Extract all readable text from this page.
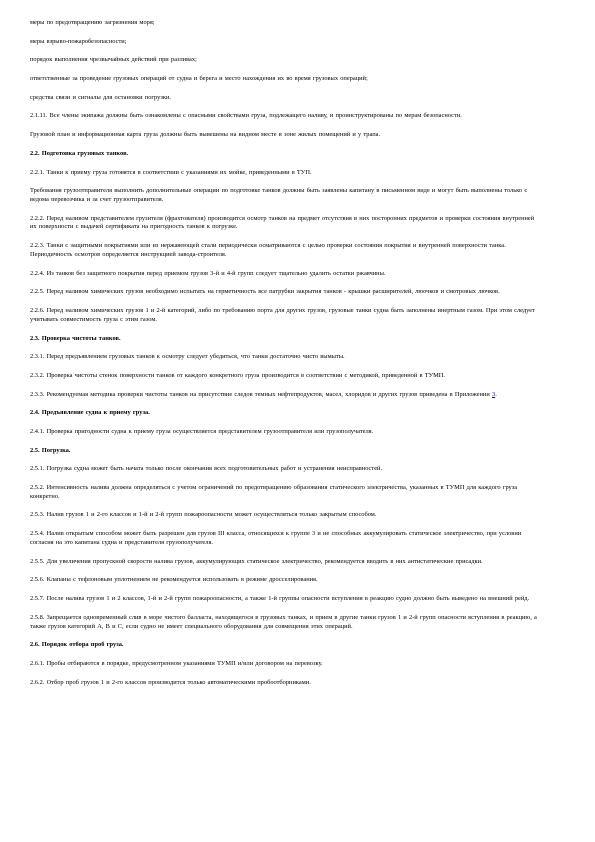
меры по предотвращению загрязнения моря;

меры взрыво-пожаробезопасности;

порядок выполнения чрезвычайных действий при разливах;

ответственные за проведение грузовых операций от судна и берега и место нахождения их во время грузовых операций;

средства связи и сигналы для остановки погрузки.

2.1.11. Все члены экипажа должны быть ознакомлены с опасными свойствами груза, подлежащего наливу, и проинструктированы по мерам безопасности.

Грузовой план и информационная карта груза должны быть вывешены на видном месте в зоне жилых помещений и у трапа.

2.2. Подготовка грузовых танков.

2.2.1. Танки к приему груза готовятся в соответствии с указаниями их мойке, приведенными в ТУП.

Требования грузоотправителя выполнить дополнительные операции по подготовке танков должны быть заявлены капитану в письменном виде и могут быть выполнены только с ведома перевозчика и за счет грузоотправителя.

2.2.2. Перед наливом представителем грузителя (фрахтователя) производится осмотр танков на предмет отсутствия в них посторонних предметов и проверки состояния внутренней их поверхности с выдачей сертификата на пригодность танков к погрузке.

2.2.3. Танки с защитными покрытиями или из нержавеющей стали периодически осматриваются с целью проверки состояния покрытия и внутренней поверхности танка. Периодичность осмотров определяется инструкцией завода-строителя.

2.2.4. Из танков без защитного покрытия перед приемом грузов 3-й и 4-й групп следует тщательно удалить остатки ржавчины.

2.2.5. Перед наливом химических грузов необходимо испытать на герметичность все патрубки закрытия танков - крышки расширителей, люочков и смотровых лючков.

2.2.6. Перед наливом химических грузов 1 и 2-й категорий, либо по требованию порта для других грузов, грузовые танки судна быть заполнены инертным газом. При этом следует учитывать совместимость груза с этим газом.

2.3. Проверка чистоты танков.

2.3.1. Перед предъявлением грузовых танков к осмотру следует убедиться, что танки достаточно чисто вымыты.

2.3.2. Проверка чистоты стенок поверхности танков от каждого конкретного груза производится в соответствии с методикой, приведенной в ТУМП.

2.3.3. Рекомендуемая методика проверки чистоты танков на присутствие следов темных нефтепродуктов, масел, хлоридов и других грузов приведена в Приложении 3.

2.4. Предъявление судна к приему груза.

2.4.1. Проверка пригодности судна к приему груза осуществляется представителем грузоотправителя или грузополучателя.

2.5. Погрузка.

2.5.1. Погрузка судна может быть начата только после окончания всех подготовительных работ и устранения неисправностей.

2.5.2. Интенсивность налива должна определяться с учетом ограничений по предотвращению образования статического электричества, указанных в ТУМП для каждого груза конкретно.

2.5.3. Налив грузов 1 и 2-го классов и 1-й и 2-й групп пожароопасности может осуществляться только закрытым способом.

2.5.4. Налив открытым способом может быть разрешен для грузов III класса, относящихся к группе 3 и не способных аккумулировать статическое электричество, при условии согласия на это капитана судна и представителя грузополучателя.

2.5.5. Для увеличения пропускной скорости налива грузов, аккумулирующих статическое электричество, рекомендуется вводить в них антистатические присадки.

2.5.6. Клапаны с тефлоновым уплотнением не рекомендуется использовать в режиме дросселирования.

2.5.7. После налива грузов 1 и 2 классов, 1-й и 2-й групп пожароопасности, а также 1-й группы опасности вступления в реакцию судно должно быть выведено на внешний рейд.

2.5.8. Запрещается одновременный слив в море чистого балласта, находящегося в грузовых танках, и прием в другие танки грузов 1 и 2-й групп опасности вступления в реакцию, а также грузов категорий А, В и С, если судно не имеет специального оборудования для совмещения этих операций.

2.6. Порядок отбора проб груза.

2.6.1. Пробы отбираются в порядке, предусмотренном указаниями ТУМП и/или договором на перевозку.

2.6.2. Отбор проб грузов 1 и 2-го классов производится только автоматическими пробоотборниками.
